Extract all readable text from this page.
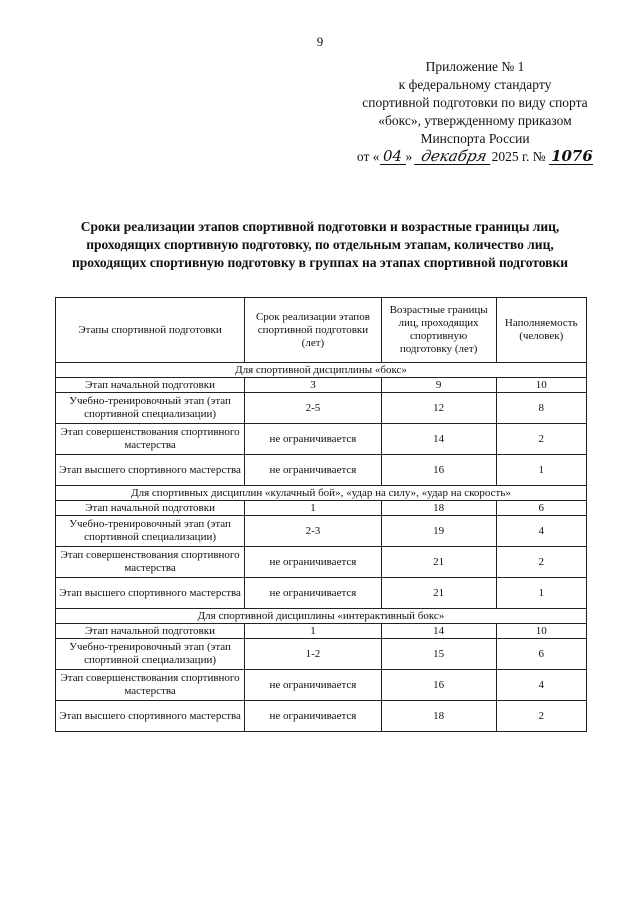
9
Приложение № 1
к федеральному стандарту
спортивной подготовки по виду спорта
«бокс», утвержденному приказом
Минспорта России
от « 04 »
декабря 2025 г. №
1076
Сроки реализации этапов спортивной подготовки и возрастные границы лиц, проходящих спортивную подготовку, по отдельным этапам, количество лиц, проходящих спортивную подготовку в группах на этапах спортивной подготовки
Этапы спортивной подготовки	Срок реализации этапов спортивной подготовки (лет)	Возрастные границы лиц, проходящих спортивную подготовку (лет)	Наполняемость (человек)
Для спортивной дисциплины «бокс»			
Этап начальной подготовки	3	9	10
Учебно-тренировочный этап (этап спортивной специализации)	2-5	12	8
Этап совершенствования спортивного мастерства	не ограничивается	14	2
Этап высшего спортивного мастерства	не ограничивается	16	1
Для спортивных дисциплин «кулачный бой», «удар на силу», «удар на скорость»			
Этап начальной подготовки	1	18	6
Учебно-тренировочный этап (этап спортивной специализации)	2-3	19	4
Этап совершенствования спортивного мастерства	не ограничивается	21	2
Этап высшего спортивного мастерства	не ограничивается	21	1
Для спортивной дисциплины «интерактивный бокс»			
Этап начальной подготовки	1	14	10
Учебно-тренировочный этап (этап спортивной специализации)	1-2	15	6
Этап совершенствования спортивного мастерства	не ограничивается	16	4
Этап высшего спортивного мастерства	не ограничивается	18	2
